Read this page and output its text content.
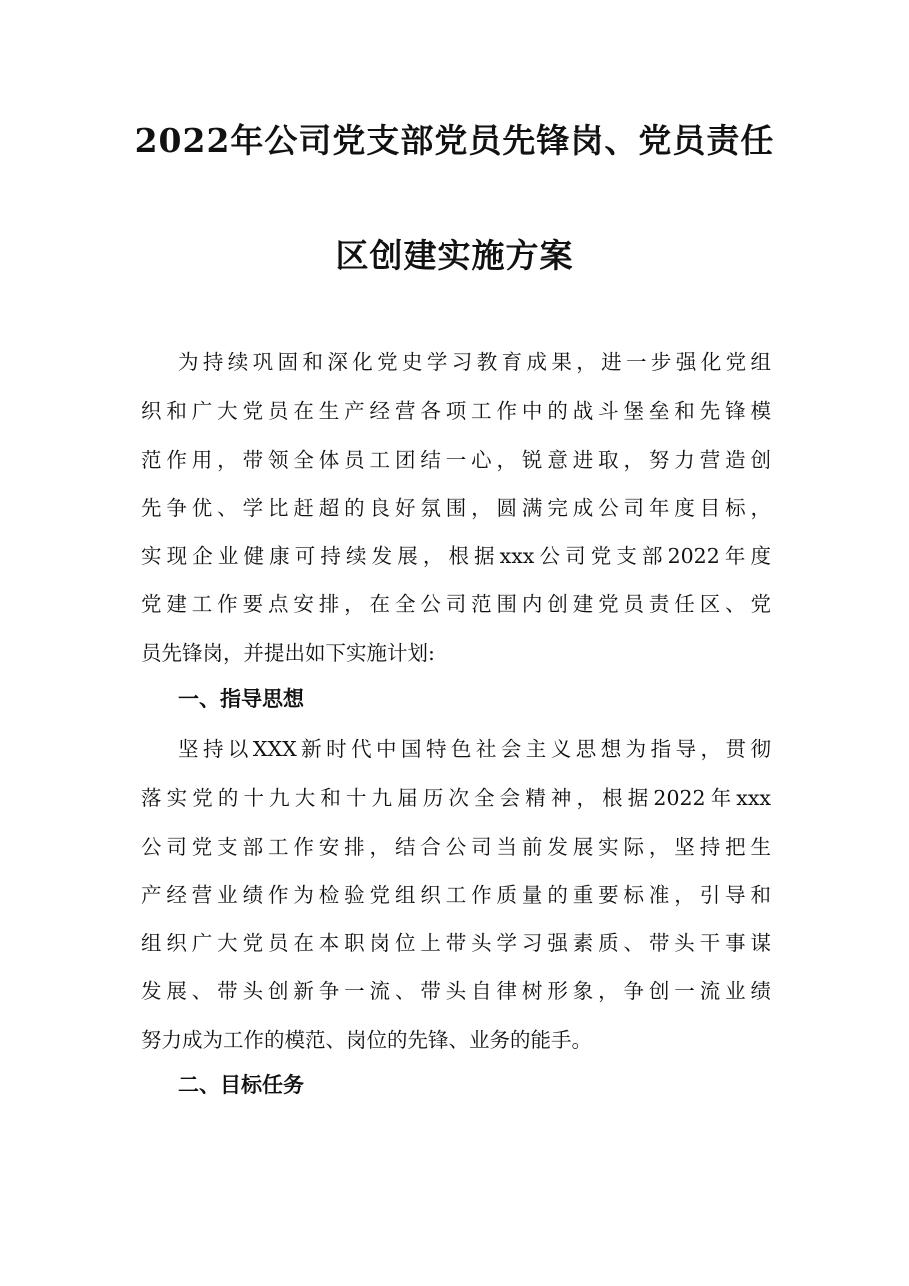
2022年公司党支部党员先锋岗、党员责任
区创建实施方案
为持续巩固和深化党史学习教育成果，进一步强化党组
织和广大党员在生产经营各项工作中的战斗堡垒和先锋模
范作用，带领全体员工团结一心，锐意进取，努力营造创
先争优、学比赶超的良好氛围，圆满完成公司年度目标，
实现企业健康可持续发展，根据xxx公司党支部2022年度
党建工作要点安排，在全公司范围内创建党员责任区、党
员先锋岗，并提出如下实施计划:
一、指导思想
坚持以XXX新时代中国特色社会主义思想为指导，贯彻
落实党的十九大和十九届历次全会精神，根据2022年xxx
公司党支部工作安排，结合公司当前发展实际，坚持把生
产经营业绩作为检验党组织工作质量的重要标准，引导和
组织广大党员在本职岗位上带头学习强素质、带头干事谋
发展、带头创新争一流、带头自律树形象，争创一流业绩
努力成为工作的模范、岗位的先锋、业务的能手。
二、目标任务
